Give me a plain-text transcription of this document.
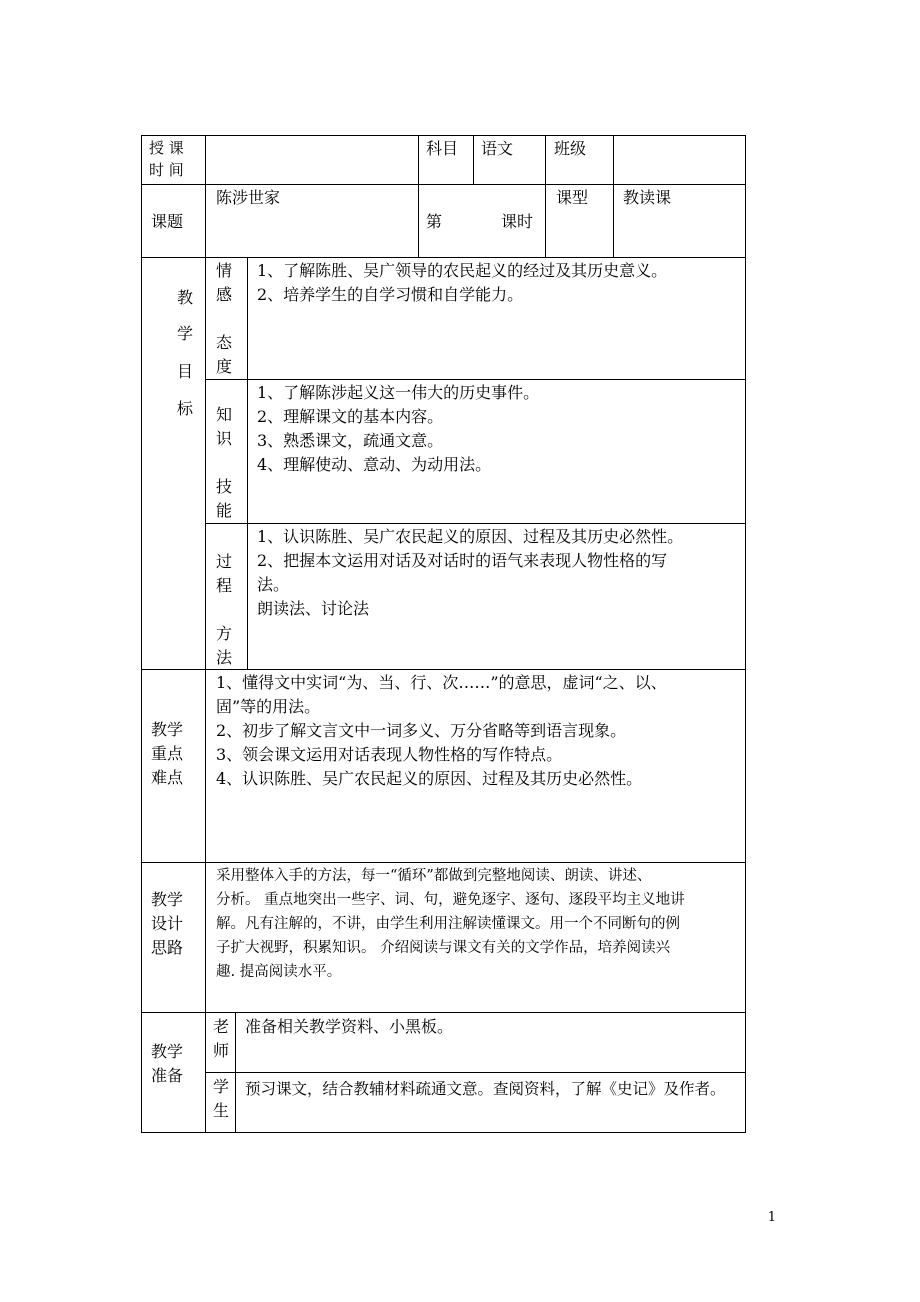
授 课
时 间
科目 语文	班级
课题
陈涉世家
第	课时
课型 教读课
教
学
目
标
情
感
态
度
1、了解陈胜、吴广领导的农民起义的经过及其历史意义。
2、培养学生的自学习惯和自学能力。
知
识
技
能
1、了解陈涉起义这一伟大的历史事件。
2、理解课文的基本内容。
3、熟悉课文，疏通文意。
4、理解使动、意动、为动用法。
过
程
方
法
1、认识陈胜、吴广农民起义的原因、过程及其历史必然性。
2、把握本文运用对话及对话时的语气来表现人物性格的写
法。
朗读法、讨论法
教学
重点
难点
1、懂得文中实词“为、当、行、次……”的意思，虚词“之、以、
固”等的用法。
2、初步了解文言文中一词多义、万分省略等到语言现象。
3、领会课文运用对话表现人物性格的写作特点。
4、认识陈胜、吴广农民起义的原因、过程及其历史必然性。
教学
设计
思路
采用整体入手的方法，每一“循环”都做到完整地阅读、朗读、讲述、
分析。 重点地突出一些字、词、句，避免逐字、逐句、逐段平均主义地讲
解。凡有注解的，不讲，由学生利用注解读懂课文。用一个不同断句的例
子扩大视野，积累知识。 介绍阅读与课文有关的文学作品，培养阅读兴
趣. 提高阅读水平。
教学
准备
老
师
准备相关教学资料、小黑板。
学
生
预习课文，结合教辅材料疏通文意。查阅资料，了解《史记》及作者。
1
